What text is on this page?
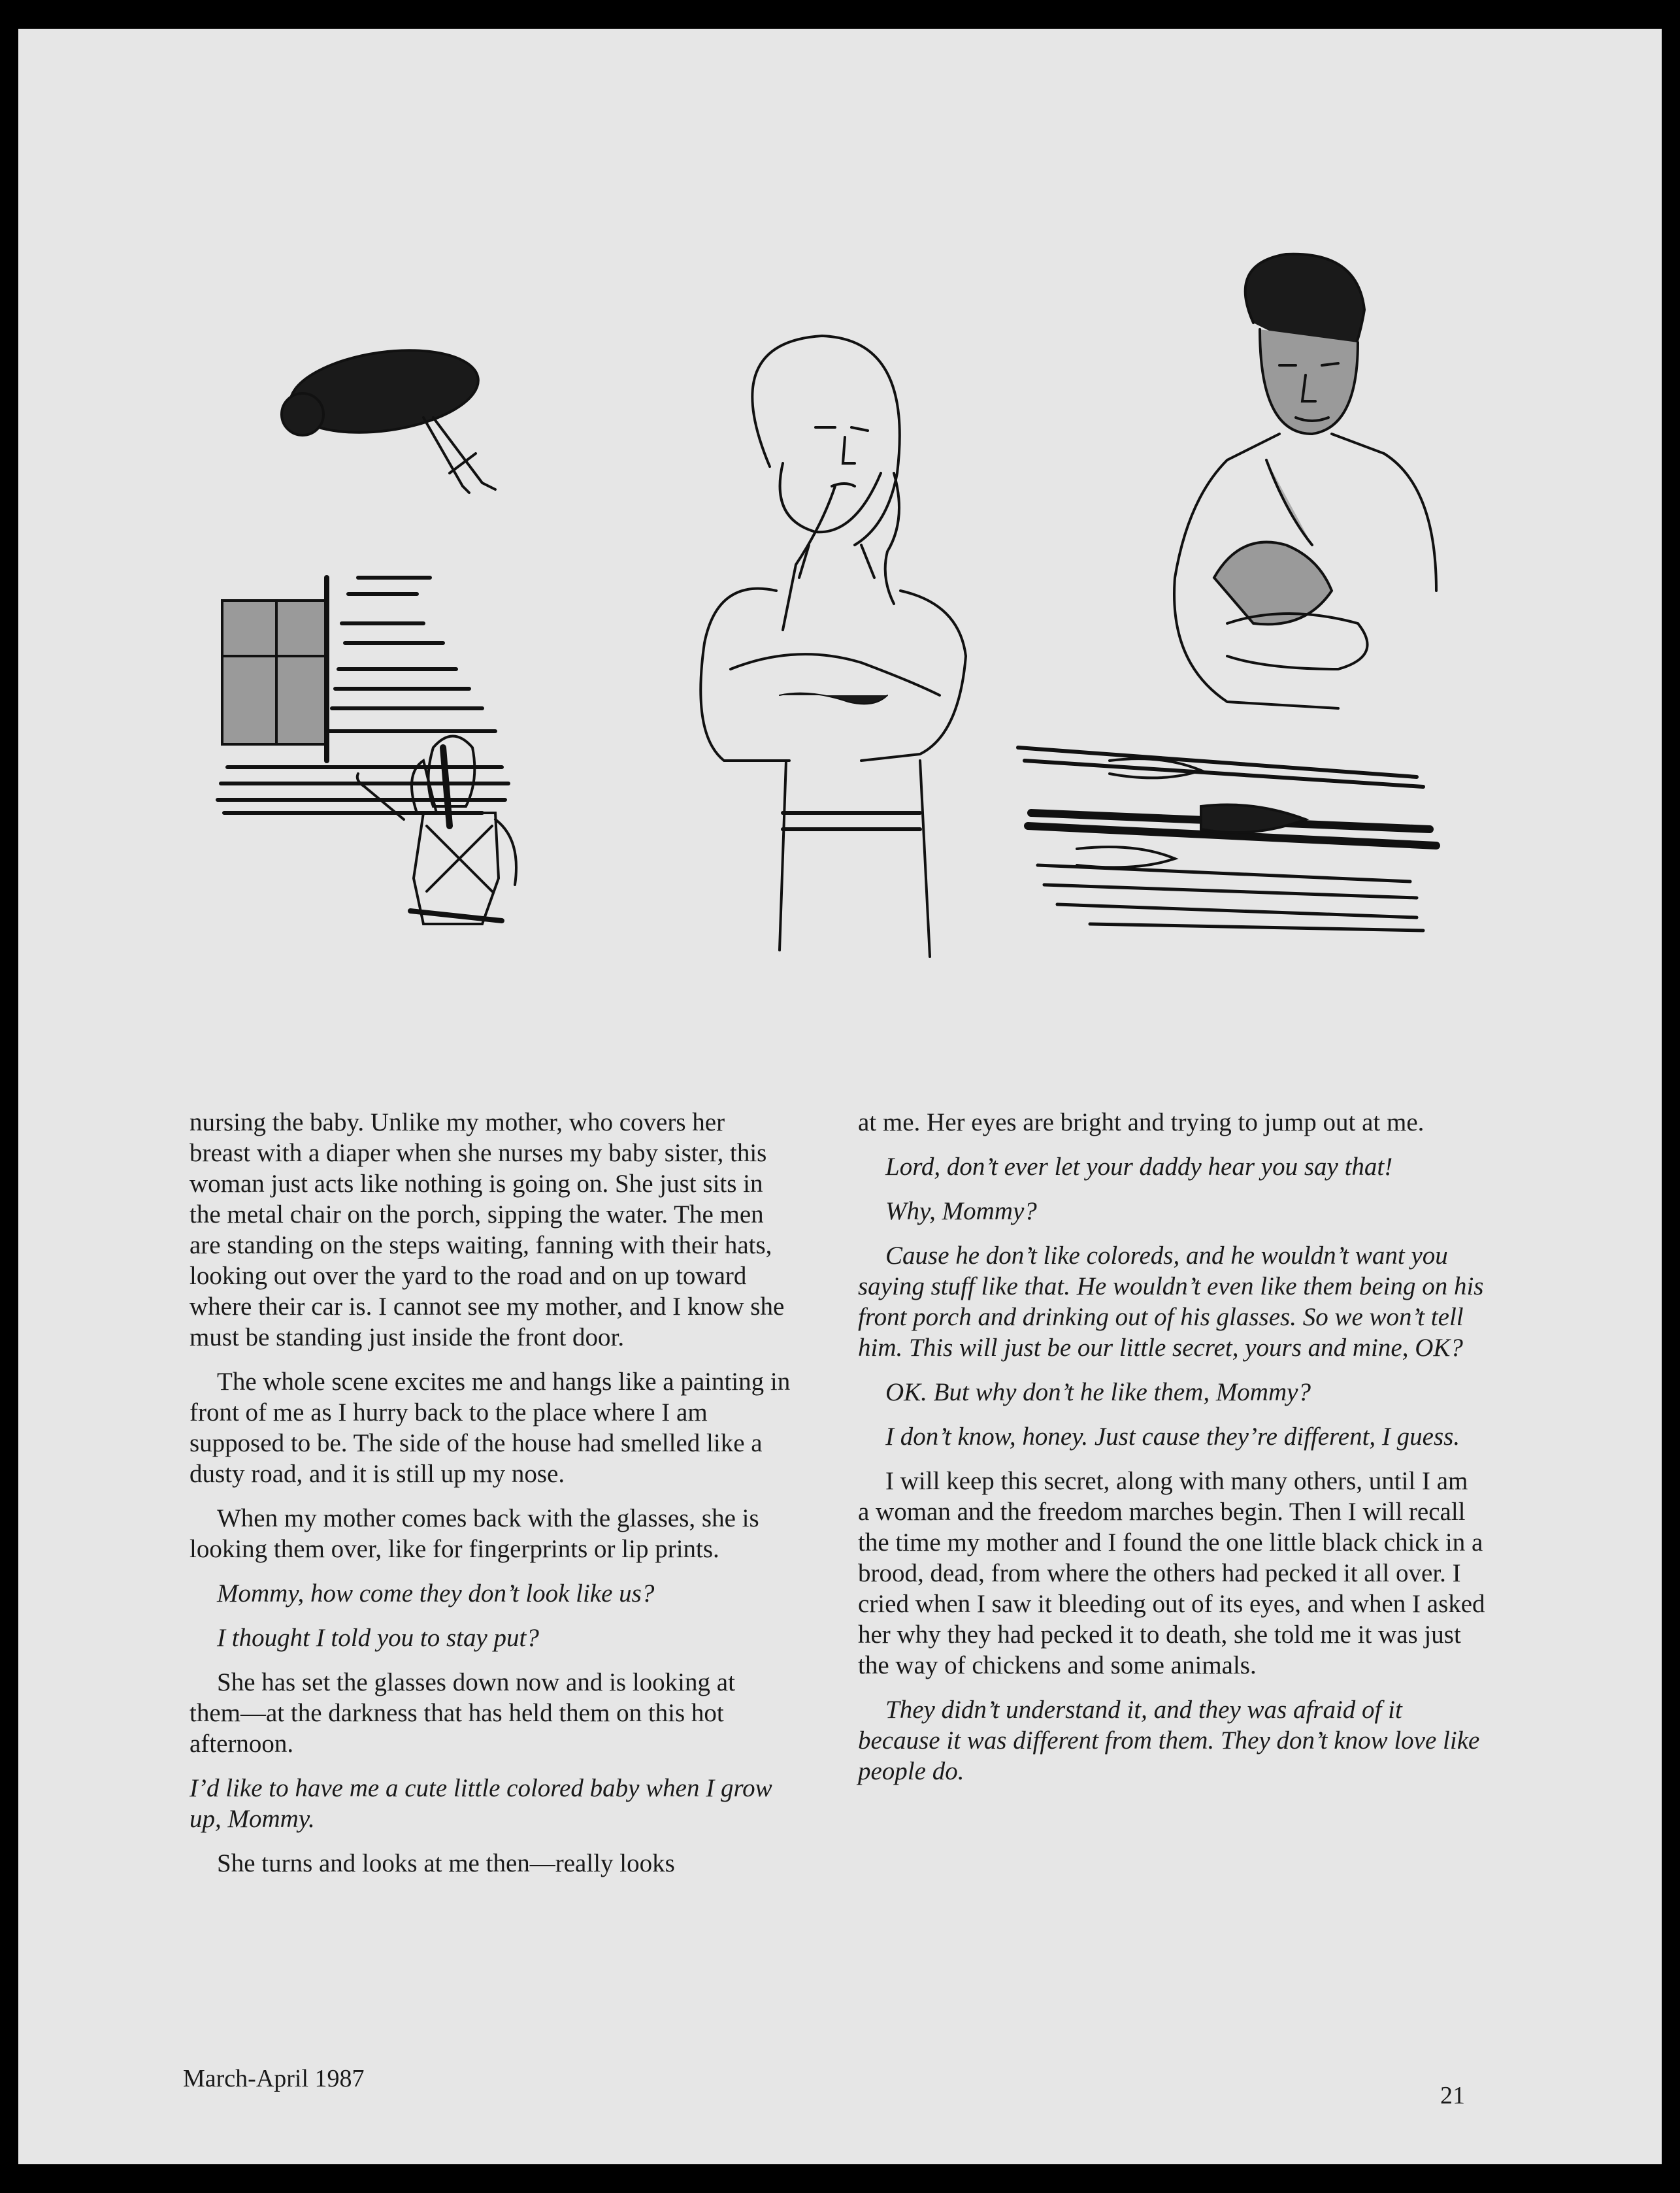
nursing the baby. Unlike my mother, who covers her breast with a diaper when she nurses my baby sister, this woman just acts like nothing is going on. She just sits in the metal chair on the porch, sipping the water. The men are standing on the steps waiting, fanning with their hats, looking out over the yard to the road and on up toward where their car is. I cannot see my mother, and I know she must be standing just inside the front door.

The whole scene excites me and hangs like a painting in front of me as I hurry back to the place where I am supposed to be. The side of the house had smelled like a dusty road, and it is still up my nose.

When my mother comes back with the glasses, she is looking them over, like for fingerprints or lip prints.

Mommy, how come they don’t look like us?

I thought I told you to stay put?

She has set the glasses down now and is looking at them—at the darkness that has held them on this hot afternoon.

I’d like to have me a cute little colored baby when I grow up, Mommy.

She turns and looks at me then—really looks

at me. Her eyes are bright and trying to jump out at me.

Lord, don’t ever let your daddy hear you say that!

Why, Mommy?

Cause he don’t like coloreds, and he wouldn’t want you saying stuff like that. He wouldn’t even like them being on his front porch and drinking out of his glasses. So we won’t tell him. This will just be our little secret, yours and mine, OK?

OK. But why don’t he like them, Mommy?

I don’t know, honey. Just cause they’re different, I guess.

I will keep this secret, along with many others, until I am a woman and the freedom marches begin. Then I will recall the time my mother and I found the one little black chick in a brood, dead, from where the others had pecked it all over. I cried when I saw it bleeding out of its eyes, and when I asked her why they had pecked it to death, she told me it was just the way of chickens and some animals.

They didn’t understand it, and they was afraid of it because it was different from them. They don’t know love like people do.

March-April 1987
21
